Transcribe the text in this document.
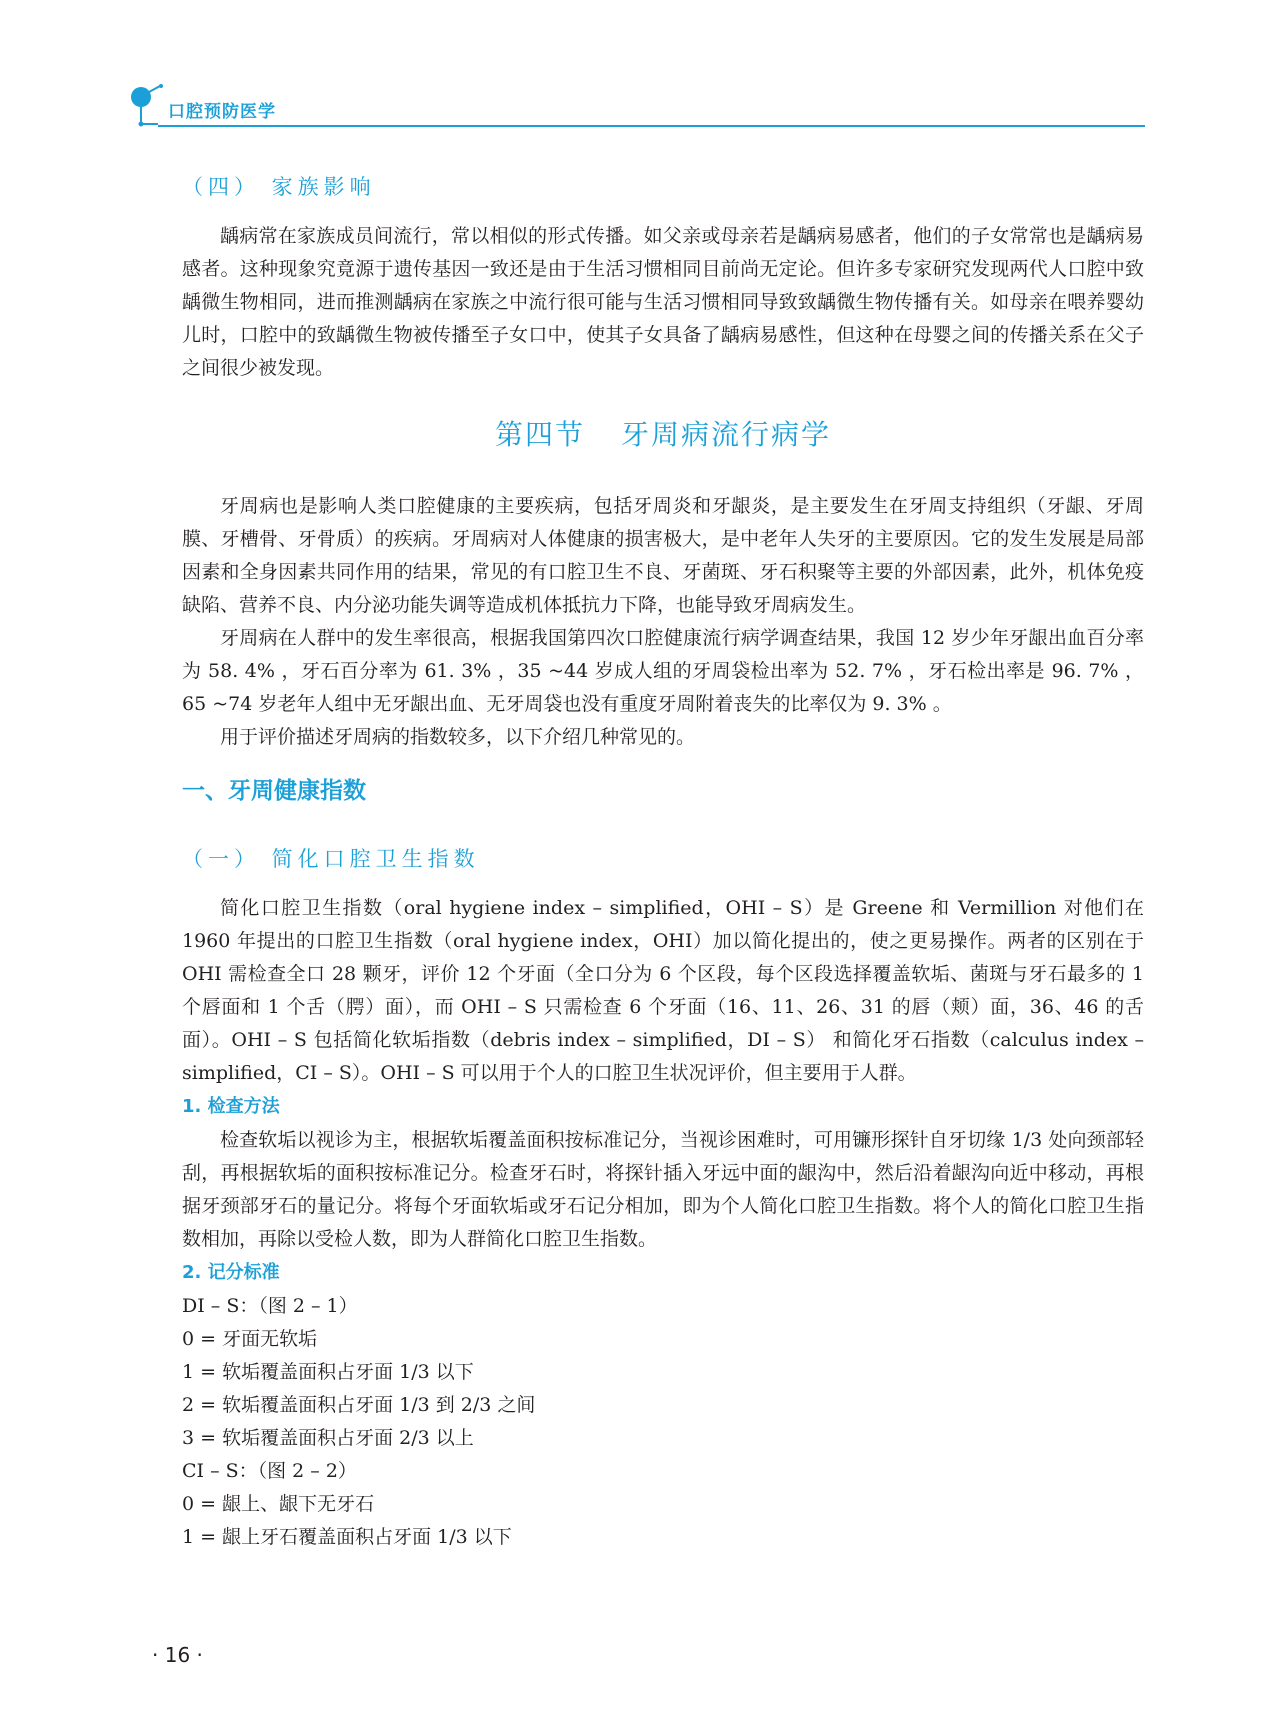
口腔预防医学

（四） 家族影响

龋病常在家族成员间流行，常以相似的形式传播。如父亲或母亲若是龋病易感者，他们的子女常常也是龋病易感者。这种现象究竟源于遗传基因一致还是由于生活习惯相同目前尚无定论。但许多专家研究发现两代人口腔中致龋微生物相同，进而推测龋病在家族之中流行很可能与生活习惯相同导致致龋微生物传播有关。如母亲在喂养婴幼儿时，口腔中的致龋微生物被传播至子女口中，使其子女具备了龋病易感性，但这种在母婴之间的传播关系在父子之间很少被发现。

第四节 牙周病流行病学

牙周病也是影响人类口腔健康的主要疾病，包括牙周炎和牙龈炎，是主要发生在牙周支持组织（牙龈、牙周膜、牙槽骨、牙骨质）的疾病。牙周病对人体健康的损害极大，是中老年人失牙的主要原因。它的发生发展是局部因素和全身因素共同作用的结果，常见的有口腔卫生不良、牙菌斑、牙石积聚等主要的外部因素，此外，机体免疫缺陷、营养不良、内分泌功能失调等造成机体抵抗力下降，也能导致牙周病发生。

牙周病在人群中的发生率很高，根据我国第四次口腔健康流行病学调查结果，我国 12 岁少年牙龈出血百分率为 58. 4% ，牙石百分率为 61. 3% ，35 ~44 岁成人组的牙周袋检出率为 52. 7% ，牙石检出率是 96. 7% ，65 ~74 岁老年人组中无牙龈出血、无牙周袋也没有重度牙周附着丧失的比率仅为 9. 3% 。

用于评价描述牙周病的指数较多，以下介绍几种常见的。

一、牙周健康指数

（一） 简化口腔卫生指数

简化口腔卫生指数（oral hygiene index – simplified，OHI – S）是 Greene 和 Vermillion 对他们在 1960 年提出的口腔卫生指数（oral hygiene index，OHI）加以简化提出的，使之更易操作。两者的区别在于 OHI 需检查全口 28 颗牙，评价 12 个牙面（全口分为 6 个区段，每个区段选择覆盖软垢、菌斑与牙石最多的 1 个唇面和 1 个舌（腭）面），而 OHI – S 只需检查 6 个牙面（16、11、26、31 的唇（颊）面，36、46 的舌面）。OHI – S 包括简化软垢指数（debris index – simplified，DI – S） 和简化牙石指数（calculus index – simplified，CI – S）。OHI – S 可以用于个人的口腔卫生状况评价，但主要用于人群。

1. 检查方法

检查软垢以视诊为主，根据软垢覆盖面积按标准记分，当视诊困难时，可用镰形探针自牙切缘 1/3 处向颈部轻刮，再根据软垢的面积按标准记分。检查牙石时，将探针插入牙远中面的龈沟中，然后沿着龈沟向近中移动，再根据牙颈部牙石的量记分。将每个牙面软垢或牙石记分相加，即为个人简化口腔卫生指数。将个人的简化口腔卫生指数相加，再除以受检人数，即为人群简化口腔卫生指数。

2. 记分标准

DI – S：（图 2 – 1）

0 = 牙面无软垢

1 = 软垢覆盖面积占牙面 1/3 以下

2 = 软垢覆盖面积占牙面 1/3 到 2/3 之间

3 = 软垢覆盖面积占牙面 2/3 以上

CI – S：（图 2 – 2）

0 = 龈上、龈下无牙石

1 = 龈上牙石覆盖面积占牙面 1/3 以下

· 16 ·
